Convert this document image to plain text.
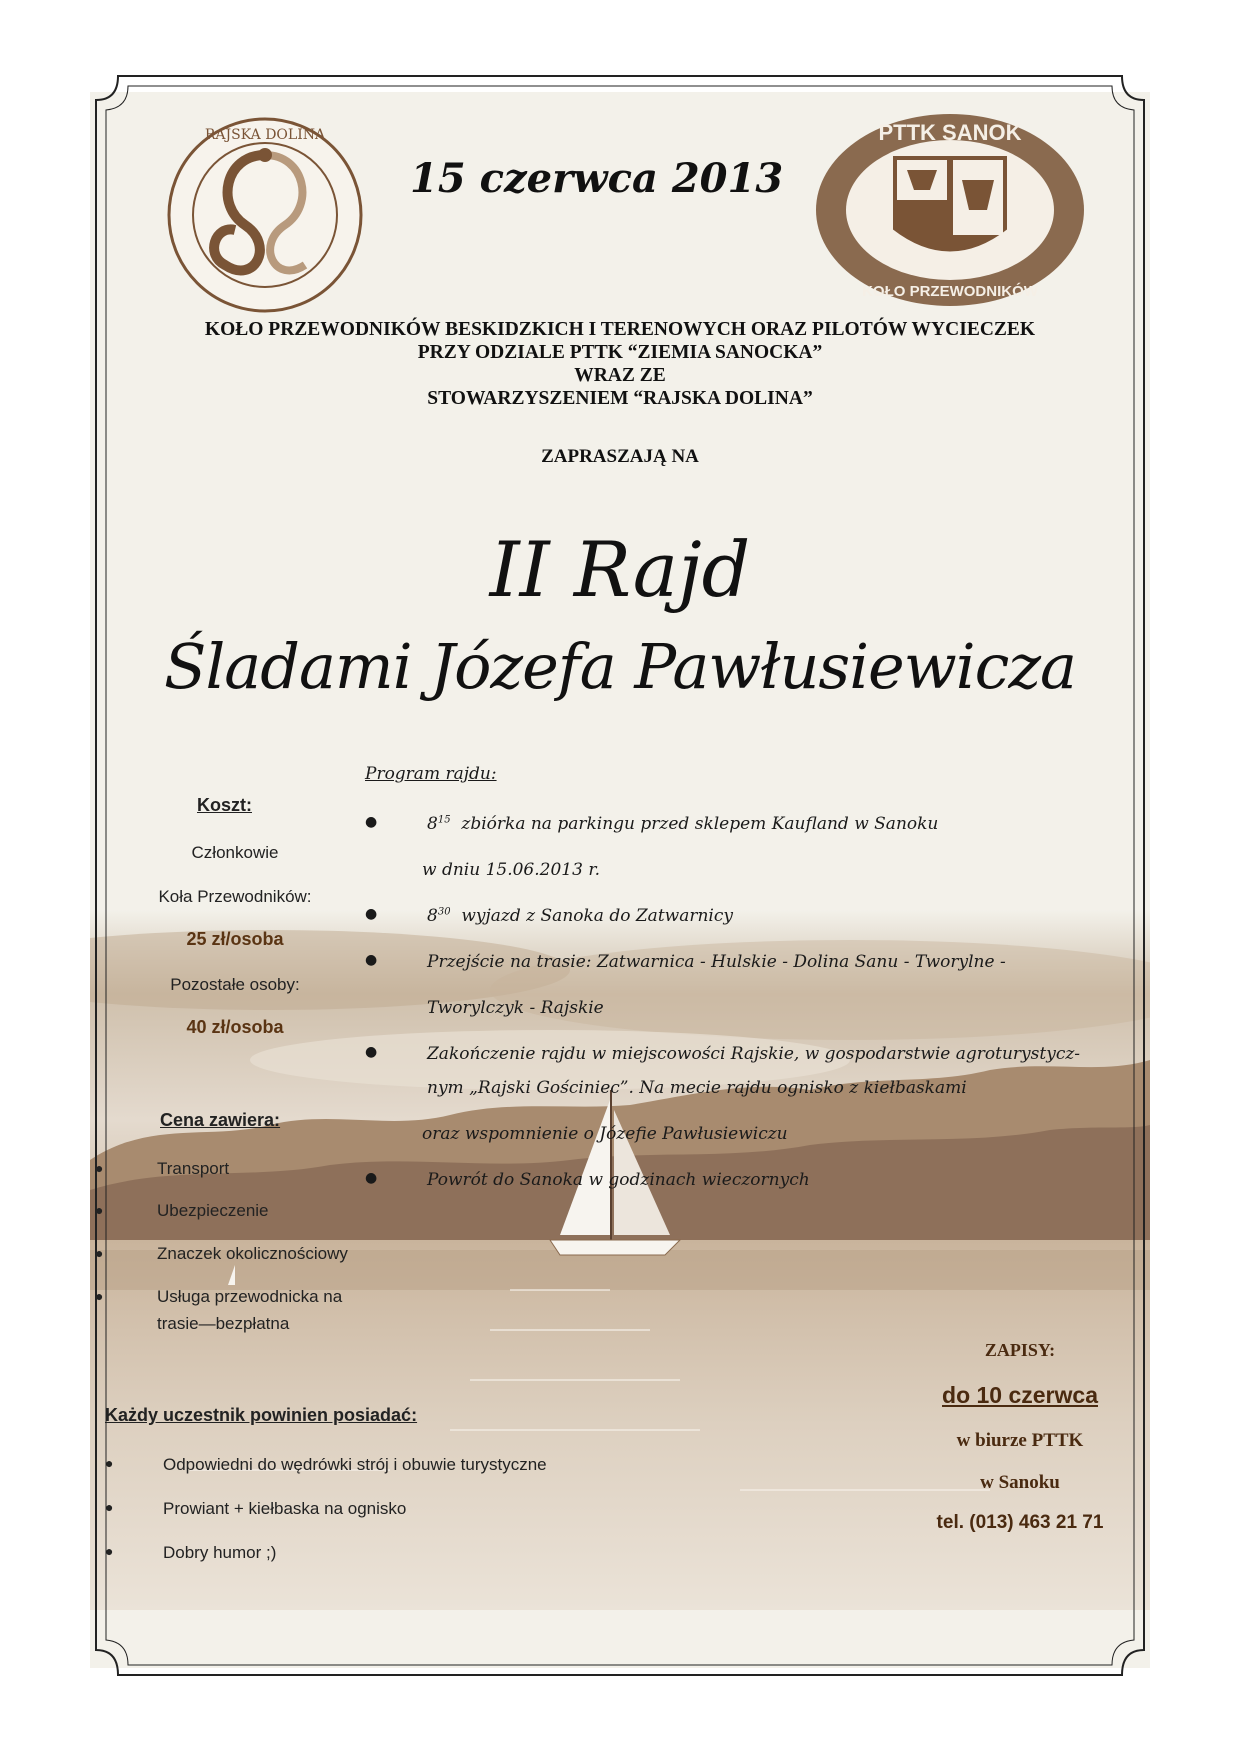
RAJSKA DOLINA
15 czerwca 2013
PTTK SANOK
KOŁO PRZEWODNIKÓW
KOŁO PRZEWODNIKÓW BESKIDZKICH I TERENOWYCH ORAZ PILOTÓW WYCIECZEK
PRZY ODZIALE PTTK “ZIEMIA SANOCKA”
WRAZ ZE
STOWARZYSZENIEM “RAJSKA DOLINA”
ZAPRASZAJĄ NA
II Rajd
Śladami Józefa Pawłusiewicza
Koszt:
Członkowie
Koła Przewodników:
25 zł/osoba
Pozostałe osoby:
40 zł/osoba
Cena zawiera:
●	Transport
●	Ubezpieczenie
●	Znaczek okolicznościowy
●	Usługa przewodnicka na
trasie—bezpłatna
Program rajdu:
●	$8^{15}$ zbiórka na parkingu przed sklepem Kaufland w Sanoku
w dniu 15.06.2013 r.
●	$8^{30}$ wyjazd z Sanoka do Zatwarnicy
●	Przejście na trasie: Zatwarnica - Hulskie - Dolina Sanu - Tworylne -
Tworylczyk - Rajskie
●	Zakończenie rajdu w miejscowości Rajskie, w gospodarstwie agroturystycz-
nym „Rajski Gościniec”. Na mecie rajdu ognisko z kiełbaskami
oraz wspomnienie o Józefie Pawłusiewiczu
●	Powrót do Sanoka w godzinach wieczornych
Każdy uczestnik powinien posiadać:
●	Odpowiedni do wędrówki strój i obuwie turystyczne
●	Prowiant + kiełbaska na ognisko
●	Dobry humor ;)
ZAPISY:
do 10 czerwca
w biurze PTTK
w Sanoku
tel. (013) 463 21 71
